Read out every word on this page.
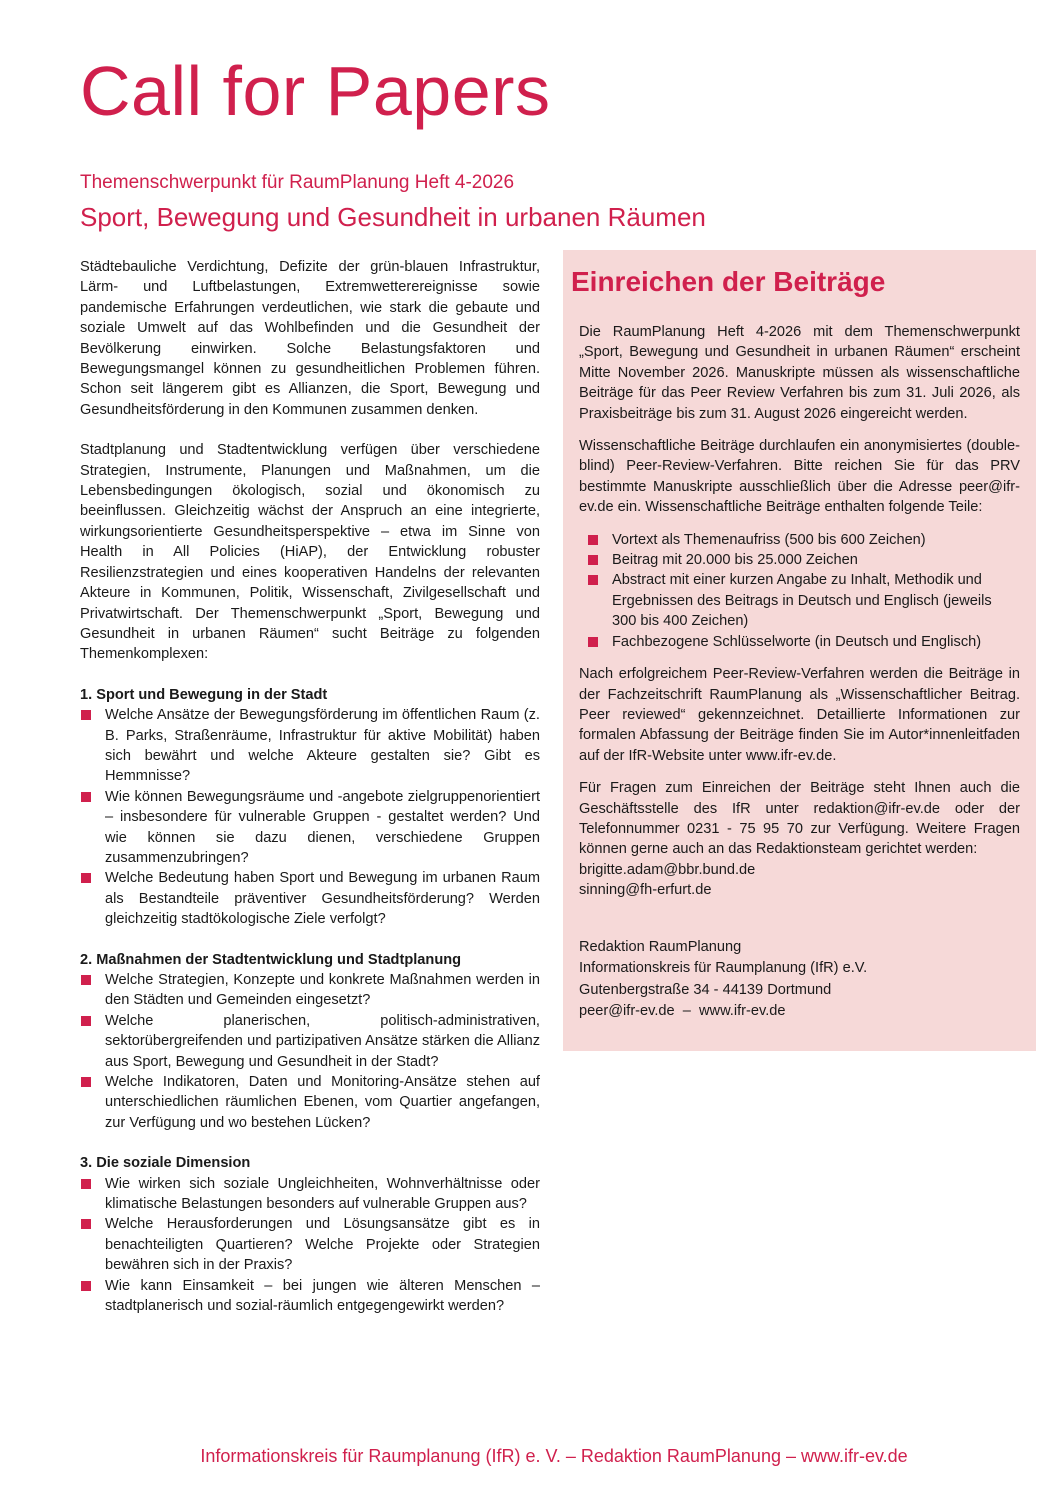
Call for Papers
Themenschwerpunkt für RaumPlanung Heft 4-2026
Sport, Bewegung und Gesundheit in urbanen Räumen

Städtebauliche Verdichtung, Defizite der grün-blauen Infrastruktur, Lärm- und Luftbelastungen, Extremwetterereignisse sowie pandemische Erfahrungen verdeutlichen, wie stark die gebaute und soziale Umwelt auf das Wohlbefinden und die Gesundheit der Bevölkerung einwirken. Solche Belastungsfaktoren und Bewegungsmangel können zu gesundheitlichen Problemen führen. Schon seit längerem gibt es Allianzen, die Sport, Bewegung und Gesundheitsförderung in den Kommunen zusammen denken.

Stadtplanung und Stadtentwicklung verfügen über verschiedene Strategien, Instrumente, Planungen und Maßnahmen, um die Lebensbedingungen ökologisch, sozial und ökonomisch zu beeinflussen. Gleichzeitig wächst der Anspruch an eine integrierte, wirkungsorientierte Gesundheitsperspektive – etwa im Sinne von Health in All Policies (HiAP), der Entwicklung robuster Resilienzstrategien und eines kooperativen Handelns der relevanten Akteure in Kommunen, Politik, Wissenschaft, Zivilgesellschaft und Privatwirtschaft. Der Themenschwerpunkt „Sport, Bewegung und Gesundheit in urbanen Räumen“ sucht Beiträge zu folgenden Themenkomplexen:

1. Sport und Bewegung in der Stadt
Welche Ansätze der Bewegungsförderung im öffentlichen Raum (z. B. Parks, Straßenräume, Infrastruktur für aktive Mobilität) haben sich bewährt und welche Akteure gestalten sie? Gibt es Hemmnisse?
Wie können Bewegungsräume und -angebote zielgruppenorientiert – insbesondere für vulnerable Gruppen - gestaltet werden? Und wie können sie dazu dienen, verschiedene Gruppen zusammenzubringen?
Welche Bedeutung haben Sport und Bewegung im urbanen Raum als Bestandteile präventiver Gesundheitsförderung? Werden gleichzeitig stadtökologische Ziele verfolgt?
2. Maßnahmen der Stadtentwicklung und Stadtplanung
Welche Strategien, Konzepte und konkrete Maßnahmen werden in den Städten und Gemeinden eingesetzt?
Welche planerischen, politisch-administrativen, sektorübergreifenden und partizipativen Ansätze stärken die Allianz aus Sport, Bewegung und Gesundheit in der Stadt?
Welche Indikatoren, Daten und Monitoring-Ansätze stehen auf unterschiedlichen räumlichen Ebenen, vom Quartier angefangen, zur Verfügung und wo bestehen Lücken?
3. Die soziale Dimension
Wie wirken sich soziale Ungleichheiten, Wohnverhältnisse oder klimatische Belastungen besonders auf vulnerable Gruppen aus?
Welche Herausforderungen und Lösungsansätze gibt es in benachteiligten Quartieren? Welche Projekte oder Strategien bewähren sich in der Praxis?
Wie kann Einsamkeit – bei jungen wie älteren Menschen – stadtplanerisch und sozial-räumlich entgegengewirkt werden?
Einreichen der Beiträge

Die RaumPlanung Heft 4-2026 mit dem Themenschwerpunkt „Sport, Bewegung und Gesundheit in urbanen Räumen“ erscheint Mitte November 2026. Manuskripte müssen als wissenschaftliche Beiträge für das Peer Review Verfahren bis zum 31. Juli 2026, als Praxisbeiträge bis zum 31. August 2026 eingereicht werden.

Wissenschaftliche Beiträge durchlaufen ein anonymisiertes (double-blind) Peer-Review-Verfahren. Bitte reichen Sie für das PRV bestimmte Manuskripte ausschließlich über die Adresse peer@ifr-ev.de ein. Wissenschaftliche Beiträge enthalten folgende Teile:

Vortext als Themenaufriss (500 bis 600 Zeichen)
Beitrag mit 20.000 bis 25.000 Zeichen
Abstract mit einer kurzen Angabe zu Inhalt, Methodik und Ergebnissen des Beitrags in Deutsch und Englisch (jeweils 300 bis 400 Zeichen)
Fachbezogene Schlüsselworte (in Deutsch und Englisch)

Nach erfolgreichem Peer-Review-Verfahren werden die Beiträge in der Fachzeitschrift RaumPlanung als „Wissenschaftlicher Beitrag. Peer reviewed“ gekennzeichnet. Detaillierte Informationen zur formalen Abfassung der Beiträge finden Sie im Autor*innenleitfaden auf der IfR-Website unter www.ifr-ev.de.

Für Fragen zum Einreichen der Beiträge steht Ihnen auch die Geschäftsstelle des IfR unter redaktion@ifr-ev.de oder der Telefonnummer 0231 - 75 95 70 zur Verfügung. Weitere Fragen können gerne auch an das Redaktionsteam gerichtet werden:

brigitte.adam@bbr.bund.de
sinning@fh-erfurt.de
Redaktion RaumPlanung
Informationskreis für Raumplanung (IfR) e.V.
Gutenbergstraße 34 - 44139 Dortmund
peer@ifr-ev.de  –  www.ifr-ev.de
Informationskreis für Raumplanung (IfR) e. V. – Redaktion RaumPlanung – www.ifr-ev.de
